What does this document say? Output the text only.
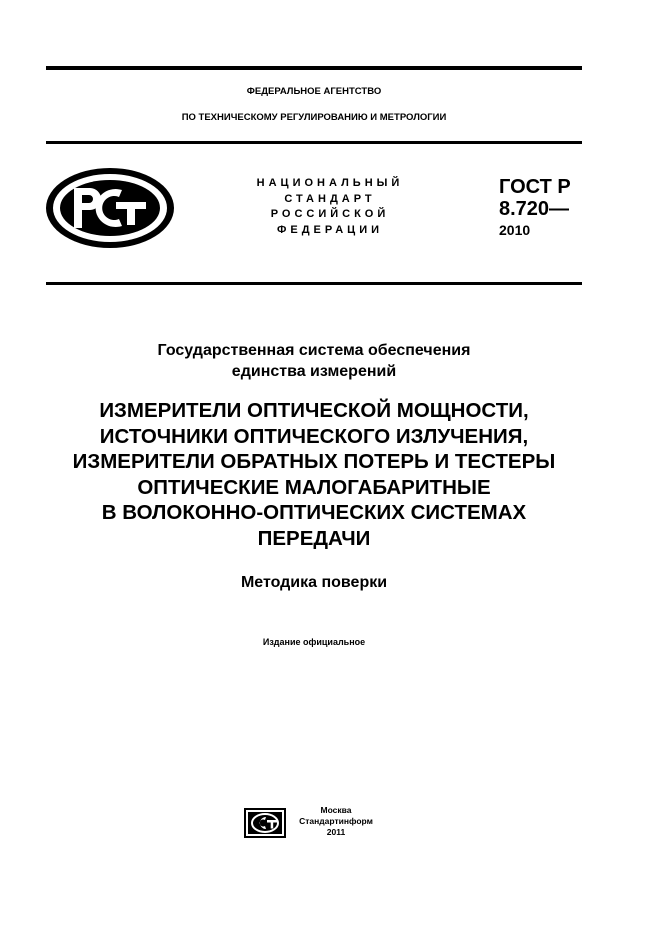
ФЕДЕРАЛЬНОЕ АГЕНТСТВО
ПО ТЕХНИЧЕСКОМУ РЕГУЛИРОВАНИЮ И МЕТРОЛОГИИ
НАЦИОНАЛЬНЫЙ
СТАНДАРТ
РОССИЙСКОЙ
ФЕДЕРАЦИИ
ГОСТ Р
8.720—
2010
Государственная система обеспечения
единства измерений
ИЗМЕРИТЕЛИ ОПТИЧЕСКОЙ МОЩНОСТИ,
ИСТОЧНИКИ ОПТИЧЕСКОГО ИЗЛУЧЕНИЯ,
ИЗМЕРИТЕЛИ ОБРАТНЫХ ПОТЕРЬ И ТЕСТЕРЫ
ОПТИЧЕСКИЕ МАЛОГАБАРИТНЫЕ
В ВОЛОКОННО-ОПТИЧЕСКИХ СИСТЕМАХ
ПЕРЕДАЧИ
Методика поверки
Издание официальное
Москва
Стандартинформ
2011
